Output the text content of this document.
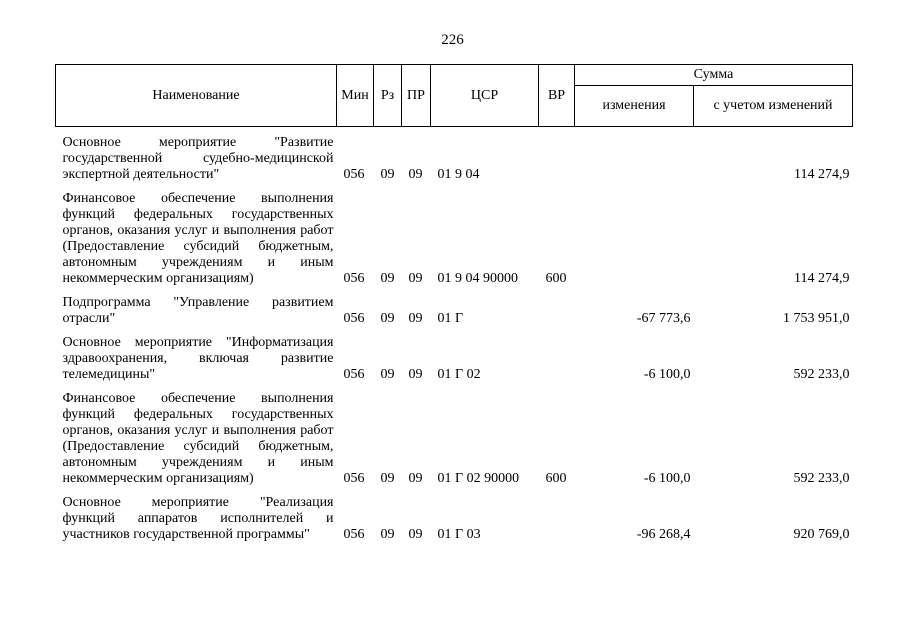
226
Наименование	Мин	Рз	ПР	ЦСР	ВР	Сумма	
						изменения	с учетом изменений

Основное мероприятие "Развитие государственной судебно-медицинской экспертной деятельности"	056	09	09	01 9 04			114 274,9

Финансовое обеспечение выполнения функций федеральных государственных органов, оказания услуг и выполнения работ (Предоставление субсидий бюджетным, автономным учреждениям и иным некоммерческим организациям)	056	09	09	01 9 04 90000	600		114 274,9

Подпрограмма "Управление развитием отрасли"	056	09	09	01 Г		-67 773,6	1 753 951,0

Основное мероприятие "Информатизация здравоохранения, включая развитие телемедицины"	056	09	09	01 Г 02		-6 100,0	592 233,0

Финансовое обеспечение выполнения функций федеральных государственных органов, оказания услуг и выполнения работ (Предоставление субсидий бюджетным, автономным учреждениям и иным некоммерческим организациям)	056	09	09	01 Г 02 90000	600	-6 100,0	592 233,0

Основное мероприятие "Реализация функций аппаратов исполнителей и участников государственной программы"	056	09	09	01 Г 03		-96 268,4	920 769,0
